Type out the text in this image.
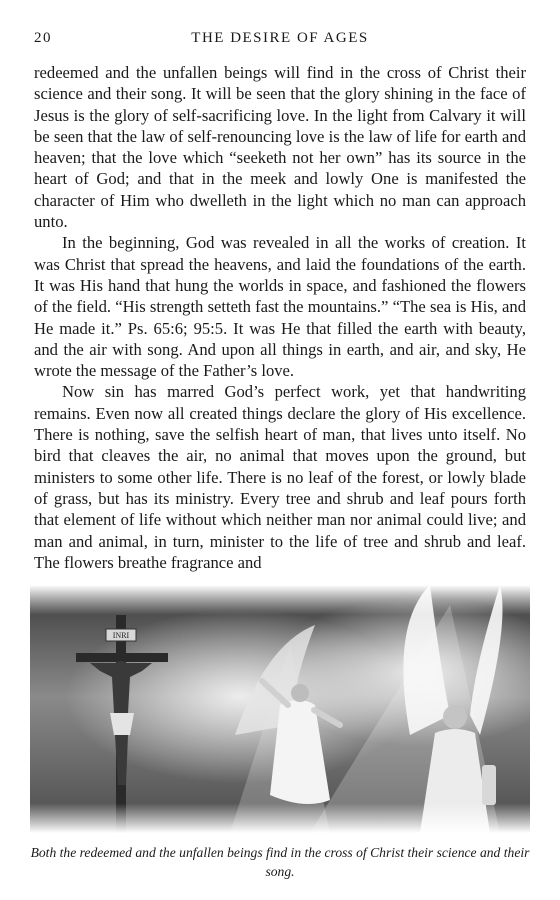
20	THE DESIRE OF AGES

redeemed and the unfallen beings will find in the cross of Christ their science and their song. It will be seen that the glory shining in the face of Jesus is the glory of self-sacrificing love. In the light from Calvary it will be seen that the law of self-renouncing love is the law of life for earth and heaven; that the love which “seeketh not her own” has its source in the heart of God; and that in the meek and lowly One is manifested the character of Him who dwelleth in the light which no man can approach unto.

In the beginning, God was revealed in all the works of creation. It was Christ that spread the heavens, and laid the foundations of the earth. It was His hand that hung the worlds in space, and fashioned the flowers of the field. “His strength setteth fast the mountains.” “The sea is His, and He made it.” Ps. 65:6; 95:5. It was He that filled the earth with beauty, and the air with song. And upon all things in earth, and air, and sky, He wrote the message of the Father’s love.

Now sin has marred God’s perfect work, yet that handwriting remains. Even now all created things declare the glory of His excellence. There is nothing, save the selfish heart of man, that lives unto itself. No bird that cleaves the air, no animal that moves upon the ground, but ministers to some other life. There is no leaf of the forest, or lowly blade of grass, but has its ministry. Every tree and shrub and leaf pours forth that element of life without which neither man nor animal could live; and man and animal, in turn, minister to the life of tree and shrub and leaf. The flowers breathe fragrance and

Both the redeemed and the unfallen beings find in the cross of Christ their science and their song.
